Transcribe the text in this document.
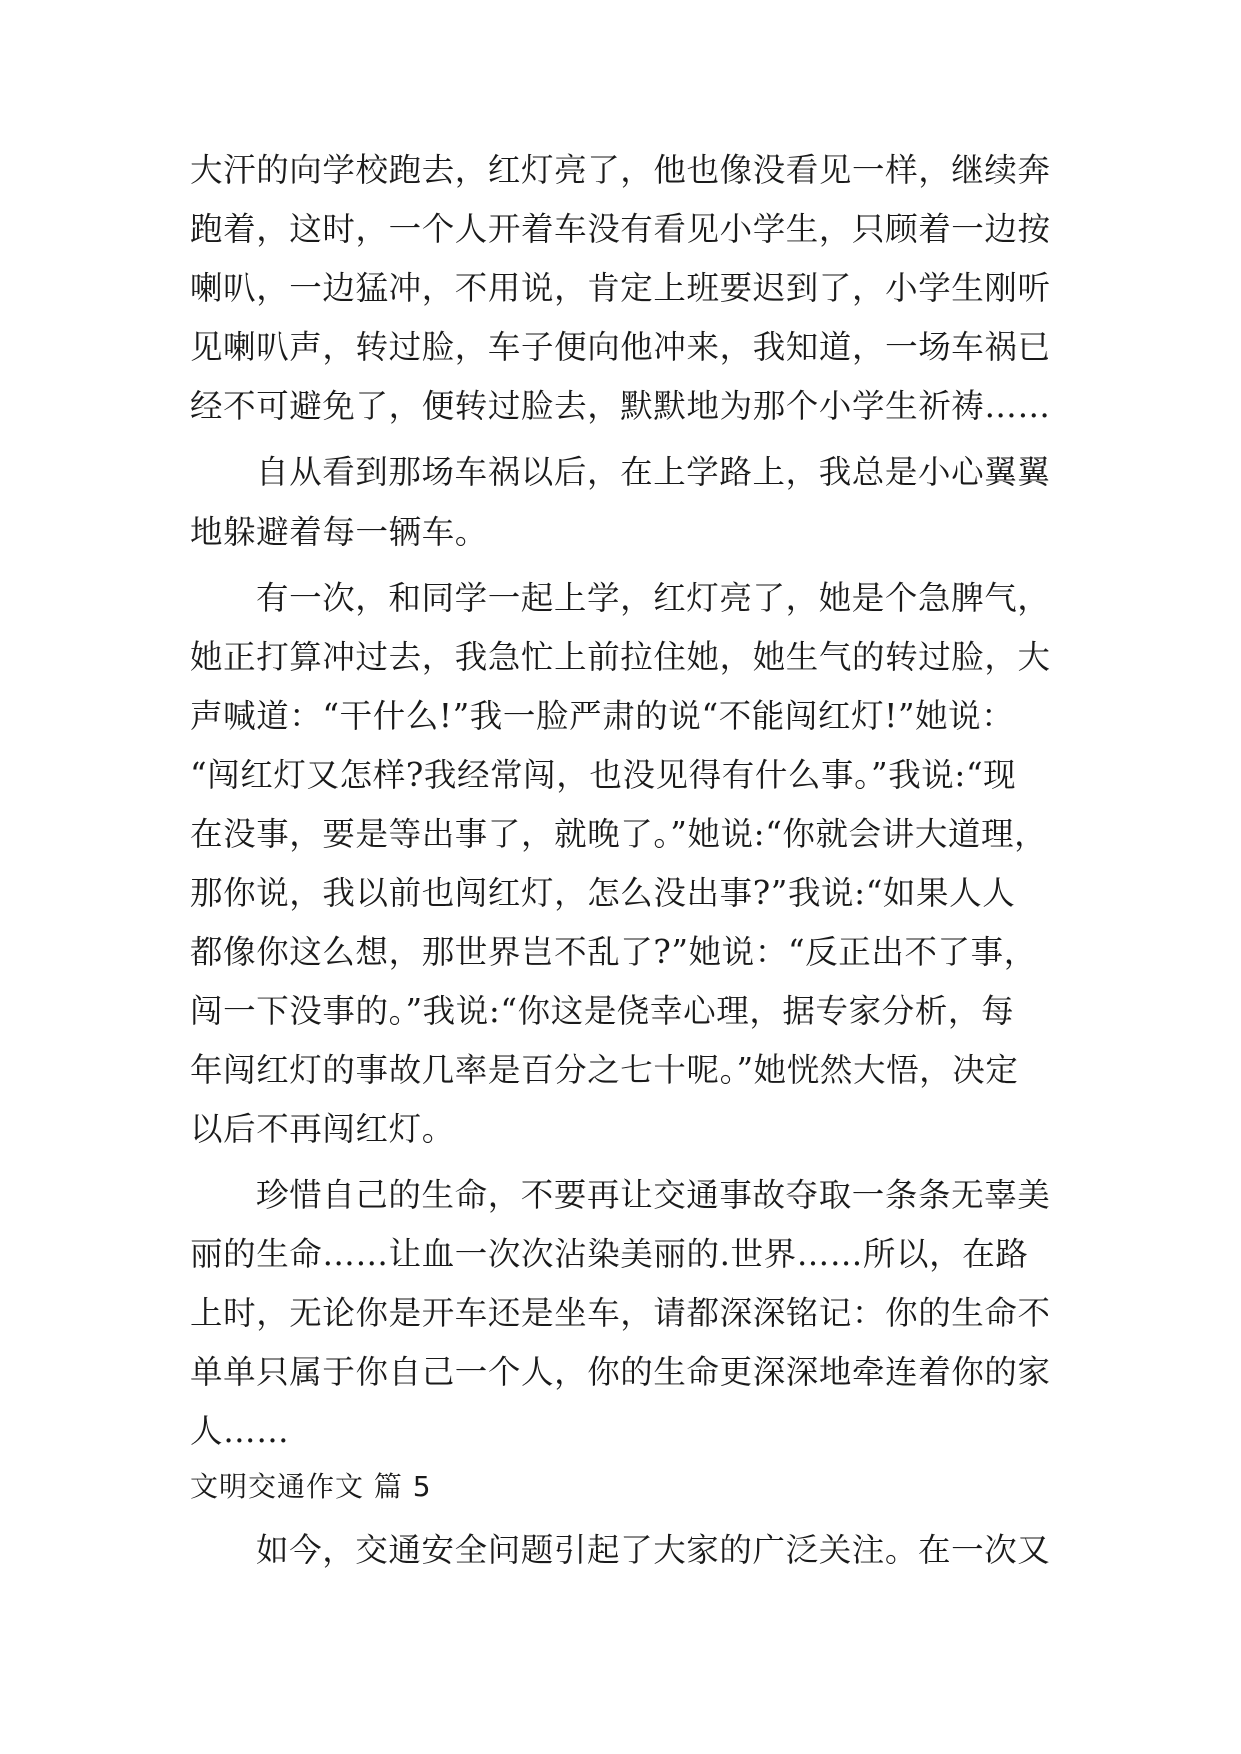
大汗的向学校跑去，红灯亮了，他也像没看见一样，继续奔
跑着，这时，一个人开着车没有看见小学生，只顾着一边按
喇叭，一边猛冲，不用说，肯定上班要迟到了，小学生刚听
见喇叭声，转过脸，车子便向他冲来，我知道，一场车祸已
经不可避免了，便转过脸去，默默地为那个小学生祈祷……
自从看到那场车祸以后，在上学路上，我总是小心翼翼
地躲避着每一辆车。
有一次，和同学一起上学，红灯亮了，她是个急脾气，
她正打算冲过去，我急忙上前拉住她，她生气的转过脸，大
声喊道：“干什么!”我一脸严肃的说“不能闯红灯!”她说：
“闯红灯又怎样?我经常闯，也没见得有什么事。”我说:“现
在没事，要是等出事了，就晚了。”她说:“你就会讲大道理，
那你说，我以前也闯红灯，怎么没出事?”我说:“如果人人
都像你这么想，那世界岂不乱了?”她说：“反正出不了事，
闯一下没事的。”我说:“你这是侥幸心理，据专家分析，每
年闯红灯的事故几率是百分之七十呢。”她恍然大悟，决定
以后不再闯红灯。
珍惜自己的生命，不要再让交通事故夺取一条条无辜美
丽的生命……让血一次次沾染美丽的.世界……所以，在路
上时，无论你是开车还是坐车，请都深深铭记：你的生命不
单单只属于你自己一个人，你的生命更深深地牵连着你的家
人……
文明交通作文 篇 5
如今，交通安全问题引起了大家的广泛关注。在一次又
